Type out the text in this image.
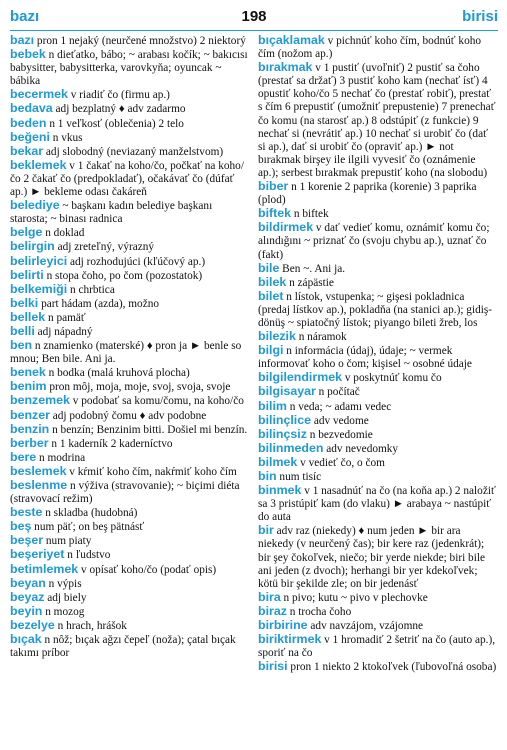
bazı	198	birisi

bazı pron 1 nejaký (neurčené množstvo) 2 niektorý

bebek n dieťatko, bábo; ~ arabası kočík; ~ bakıcısı babysitter, babysitterka, varovkyňa; oyuncak ~ bábika

becermek v riadiť čo (firmu ap.)

bedava adj bezplatný ♦ adv zadarmo

beden n 1 veľkosť (oblečenia) 2 telo

beğeni n vkus

bekar adj slobodný (neviazaný manželstvom)

beklemek v 1 čakať na koho/čo, počkať na koho/čo 2 čakať čo (predpokladať), očakávať čo (dúfať ap.) ► bekleme odası čakáreň

belediye ~ başkanı kadın belediye başkanı starosta; ~ binası radnica

belge n doklad

belirgin adj zreteľný, výrazný

belirleyici adj rozhodujúci (kľúčový ap.)

belirti n stopa čoho, po čom (pozostatok)

belkemiği n chrbtica

belki part hádam (azda), možno

bellek n pamäť

belli adj nápadný

ben n znamienko (materské) ♦ pron ja ► benle so mnou; Ben bile. Ani ja.

benek n bodka (malá kruhová plocha)

benim pron môj, moja, moje, svoj, svoja, svoje

benzemek v podobať sa komu/čomu, na koho/čo

benzer adj podobný čomu ♦ adv podobne

benzin n benzín; Benzinim bitti. Došiel mi benzín.

berber n 1 kaderník 2 kaderníctvo

bere n modrina

beslemek v kŕmiť koho čím, nakŕmiť koho čím

beslenme n výživa (stravovanie); ~ biçimi diéta (stravovací režim)

beste n skladba (hudobná)

beş num päť; on beş pätnásť

beşer num piaty

beşeriyet n ľudstvo

betimlemek v opísať koho/čo (podať opis)

beyan n výpis

beyaz adj biely

beyin n mozog

bezelye n hrach, hrášok

bıçak n nôž; bıçak ağzı čepeľ (noža); çatal bıçak takımı príbor

bıçaklamak v pichnúť koho čím, bodnúť koho čím (nožom ap.)

bırakmak v 1 pustiť (uvoľniť) 2 pustiť sa čoho (prestať sa držať) 3 pustiť koho kam (nechať ísť) 4 opustiť koho/čo 5 nechať čo (prestať robiť), prestať s čím 6 prepustiť (umožniť prepustenie) 7 prenechať čo komu (na starosť ap.) 8 odstúpiť (z funkcie) 9 nechať si (nevrátiť ap.) 10 nechať si urobiť čo (dať si ap.), dať si urobiť čo (opraviť ap.) ► not bırakmak birşey ile ilgili vyvesiť čo (oznámenie ap.); serbest bırakmak prepustiť koho (na slobodu)

biber n 1 korenie 2 paprika (korenie) 3 paprika (plod)

biftek n biftek

bildirmek v dať vedieť komu, oznámiť komu čo; alındığını ~ priznať čo (svoju chybu ap.), uznať čo (fakt)

bile Ben ~. Ani ja.

bilek n zápästie

bilet n lístok, vstupenka; ~ gişesi pokladnica (predaj lístkov ap.), pokladňa (na stanici ap.); gidiş-dönüş ~ spiatočný lístok; piyango bileti žreb, los

bilezik n náramok

bilgi n informácia (údaj), údaje; ~ vermek informovať koho o čom; kişisel ~ osobné údaje

bilgilendirmek v poskytnúť komu čo

bilgisayar n počítač

bilim n veda; ~ adamı vedec

bilinçlice adv vedome

bilinçsiz n bezvedomie

bilinmeden adv nevedomky

bilmek v vedieť čo, o čom

bin num tisíc

binmek v 1 nasadnúť na čo (na koňa ap.) 2 naložiť sa 3 pristúpiť kam (do vlaku) ► arabaya ~ nastúpiť do auta

bir adv raz (niekedy) ♦ num jeden ► bir ara niekedy (v neurčený čas); bir kere raz (jedenkrát); bir şey čokoľvek, niečo; bir yerde niekde; biri bile ani jeden (z dvoch); herhangi bir yer kdekoľvek; kötü bir şekilde zle; on bir jedenásť

bira n pivo; kutu ~ pivo v plechovke

biraz n trocha čoho

birbirine adv navzájom, vzájomne

biriktirmek v 1 hromadiť 2 šetriť na čo (auto ap.), sporiť na čo

birisi pron 1 niekto 2 ktokoľvek (ľubovoľná osoba)
